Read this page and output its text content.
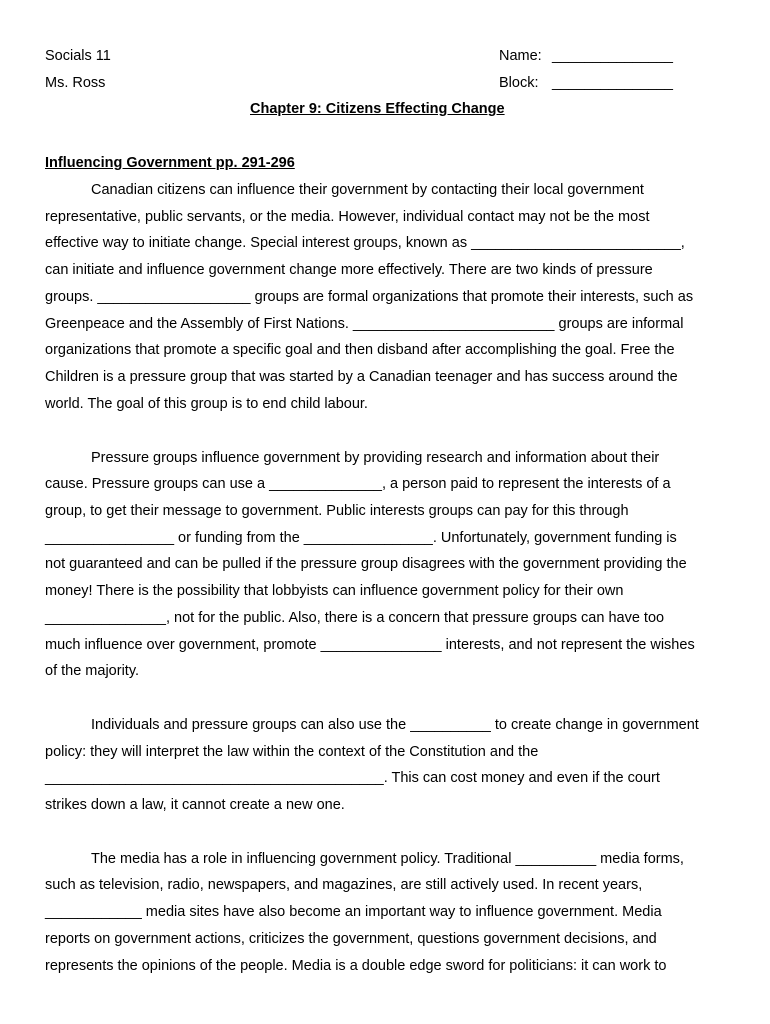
Socials 11
Ms. Ross
Name: _______________
Block: _______________
Chapter 9: Citizens Effecting Change
Influencing Government pp. 291-296
Canadian citizens can influence their government by contacting their local government
representative, public servants, or the media. However, individual contact may not be the most
effective way to initiate change. Special interest groups, known as __________________________,
can initiate and influence government change more effectively. There are two kinds of pressure
groups. ___________________ groups are formal organizations that promote their interests, such as
Greenpeace and the Assembly of First Nations. _________________________ groups are informal
organizations that promote a specific goal and then disband after accomplishing the goal. Free the
Children is a pressure group that was started by a Canadian teenager and has success around the
world. The goal of this group is to end child labour.
Pressure groups influence government by providing research and information about their
cause. Pressure groups can use a ______________, a person paid to represent the interests of a
group, to get their message to government. Public interests groups can pay for this through
________________ or funding from the ________________. Unfortunately, government funding is
not guaranteed and can be pulled if the pressure group disagrees with the government providing the
money! There is the possibility that lobbyists can influence government policy for their own
_______________, not for the public. Also, there is a concern that pressure groups can have too
much influence over government, promote _______________ interests, and not represent the wishes
of the majority.
Individuals and pressure groups can also use the __________ to create change in government
policy: they will interpret the law within the context of the Constitution and the
__________________________________________. This can cost money and even if the court
strikes down a law, it cannot create a new one.
The media has a role in influencing government policy. Traditional __________ media forms,
such as television, radio, newspapers, and magazines, are still actively used. In recent years,
____________ media sites have also become an important way to influence government. Media
reports on government actions, criticizes the government, questions government decisions, and
represents the opinions of the people. Media is a double edge sword for politicians: it can work to
